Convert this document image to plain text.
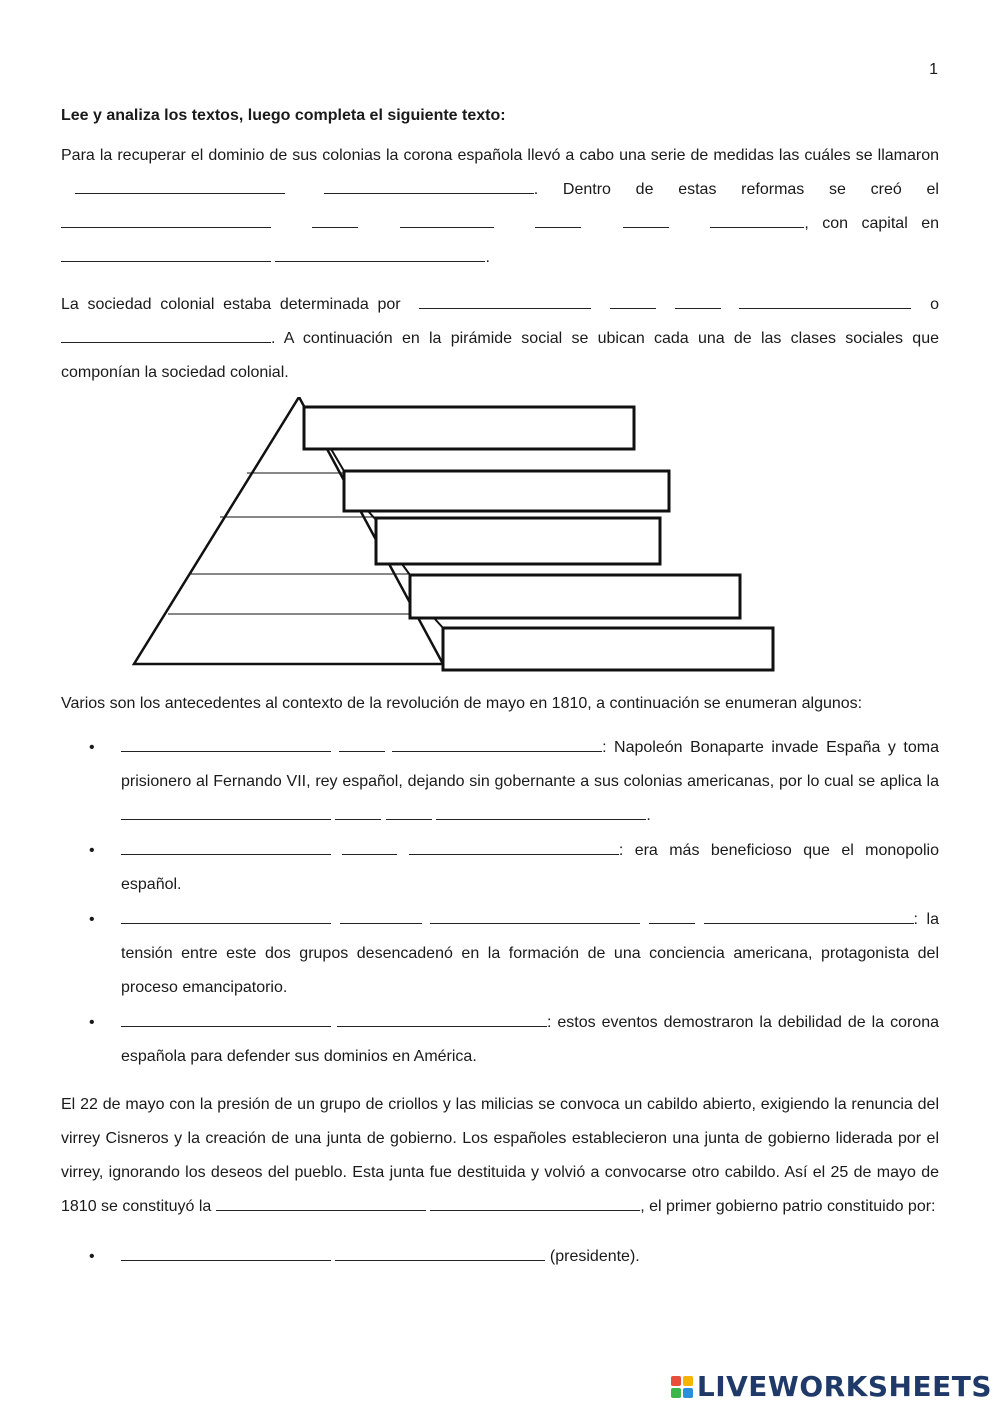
1

Lee y analiza los textos, luego completa el siguiente texto:

Para la recuperar el dominio de sus colonias la corona española llevó a cabo una serie de medidas las cuáles se llamaron  . Dentro de estas reformas se creó el      , con capital en  .

La sociedad colonial estaba determinada por	o . A continuación en la pirámide social se ubican cada una de las clases sociales que componían la sociedad colonial.

Varios son los antecedentes al contexto de la revolución de mayo en 1810, a continuación se enumeran algunos:

•	: Napoleón Bonaparte invade España y toma prisionero al Fernando VII, rey español, dejando sin gobernante a sus colonias americanas, por lo cual se aplica la    .
•	: era más beneficioso que el monopolio español.
•	: la tensión entre este dos grupos desencadenó en la formación de una conciencia americana, protagonista del proceso emancipatorio.
•	: estos eventos demostraron la debilidad de la corona española para defender sus dominios en América.

El 22 de mayo con la presión de un grupo de criollos y las milicias se convoca un cabildo abierto, exigiendo la renuncia del virrey Cisneros y la creación de una junta de gobierno. Los españoles establecieron una junta de gobierno liderada por el virrey, ignorando los deseos del pueblo. Esta junta fue destituida y volvió a convocarse otro cabildo. Así el 25 de mayo de 1810 se constituyó la	, el primer gobierno patrio constituido por:

•	(presidente).
LIVEWORKSHEETS
